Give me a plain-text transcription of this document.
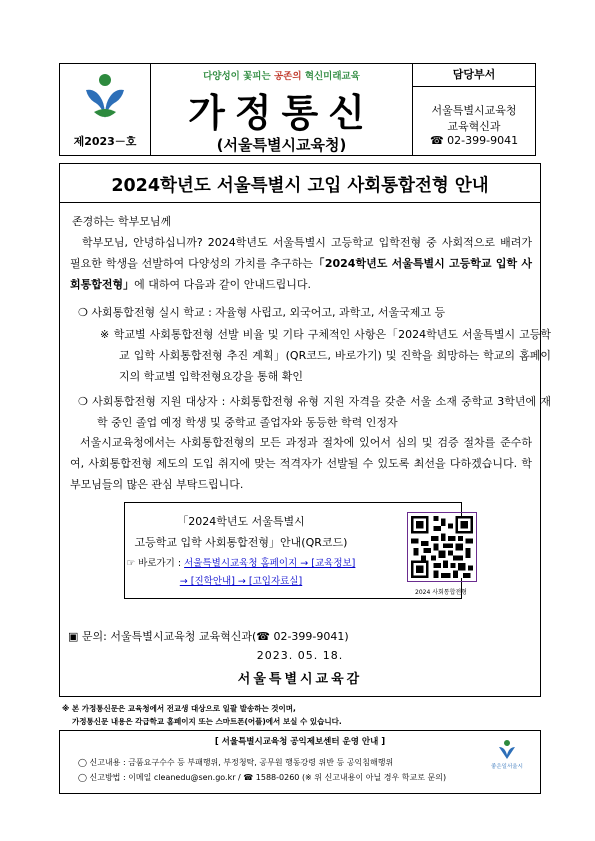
제2023－호
다양성이 꽃피는 공존의 혁신미래교육
가정통신
(서울특별시교육청)
담당부서
서울특별시교육청
교육혁신과
☎ 02-399-9041
2024학년도 서울특별시 고입 사회통합전형 안내
존경하는 학부모님께
학부모님, 안녕하십니까? 2024학년도 서울특별시 고등학교 입학전형 중 사회적으로 배려가 필요한 학생을 선발하여 다양성의 가치를 추구하는「2024학년도 서울특별시 고등학교 입학 사회통합전형」에 대하여 다음과 같이 안내드립니다.
❍ 사회통합전형 실시 학교 : 자율형 사립고, 외국어고, 과학고, 서울국제고 등
※ 학교별 사회통합전형 선발 비율 및 기타 구체적인 사항은「2024학년도 서울특별시 고등학교 입학 사회통합전형 추진 계획」(QR코드, 바로가기) 및 진학을 희망하는 학교의 홈페이지의 학교별 입학전형요강을 통해 확인
❍ 사회통합전형 지원 대상자 : 사회통합전형 유형 지원 자격을 갖춘 서울 소재 중학교 3학년에 재학 중인 졸업 예정 학생 및 중학교 졸업자와 동등한 학력 인정자
서울시교육청에서는 사회통합전형의 모든 과정과 절차에 있어서 심의 및 검증 절차를 준수하여, 사회통합전형 제도의 도입 취지에 맞는 적격자가 선발될 수 있도록 최선을 다하겠습니다. 학부모님들의 많은 관심 부탁드립니다.
「2024학년도 서울특별시
고등학교 입학 사회통합전형」안내(QR코드)
☞ 바로가기 : 서울특별시교육청 홈페이지 → [교육정보]
→ [진학안내] → [고입자료실]
2024 사회통합전형
▣ 문의: 서울특별시교육청 교육혁신과(☎ 02-399-9041)
2023. 05. 18.
서울특별시교육감
※ 본 가정통신문은 교육청에서 전교생 대상으로 일괄 발송하는 것이며,
가정통신문 내용은 각급학교 홈페이지 또는 스마트폰(어플)에서 보실 수 있습니다.
[ 서울특별시교육청 공익제보센터 운영 안내 ]
◯ 신고내용 : 금품요구수수 등 부패행위, 부정청탁, 공무원 행동강령 위반 등 공익침해행위
◯ 신고방법 : 이메일 cleanedu@sen.go.kr / ☎ 1588-0260 (※ 위 신고내용이 아닐 경우 학교로 문의)
좋은일서울시
